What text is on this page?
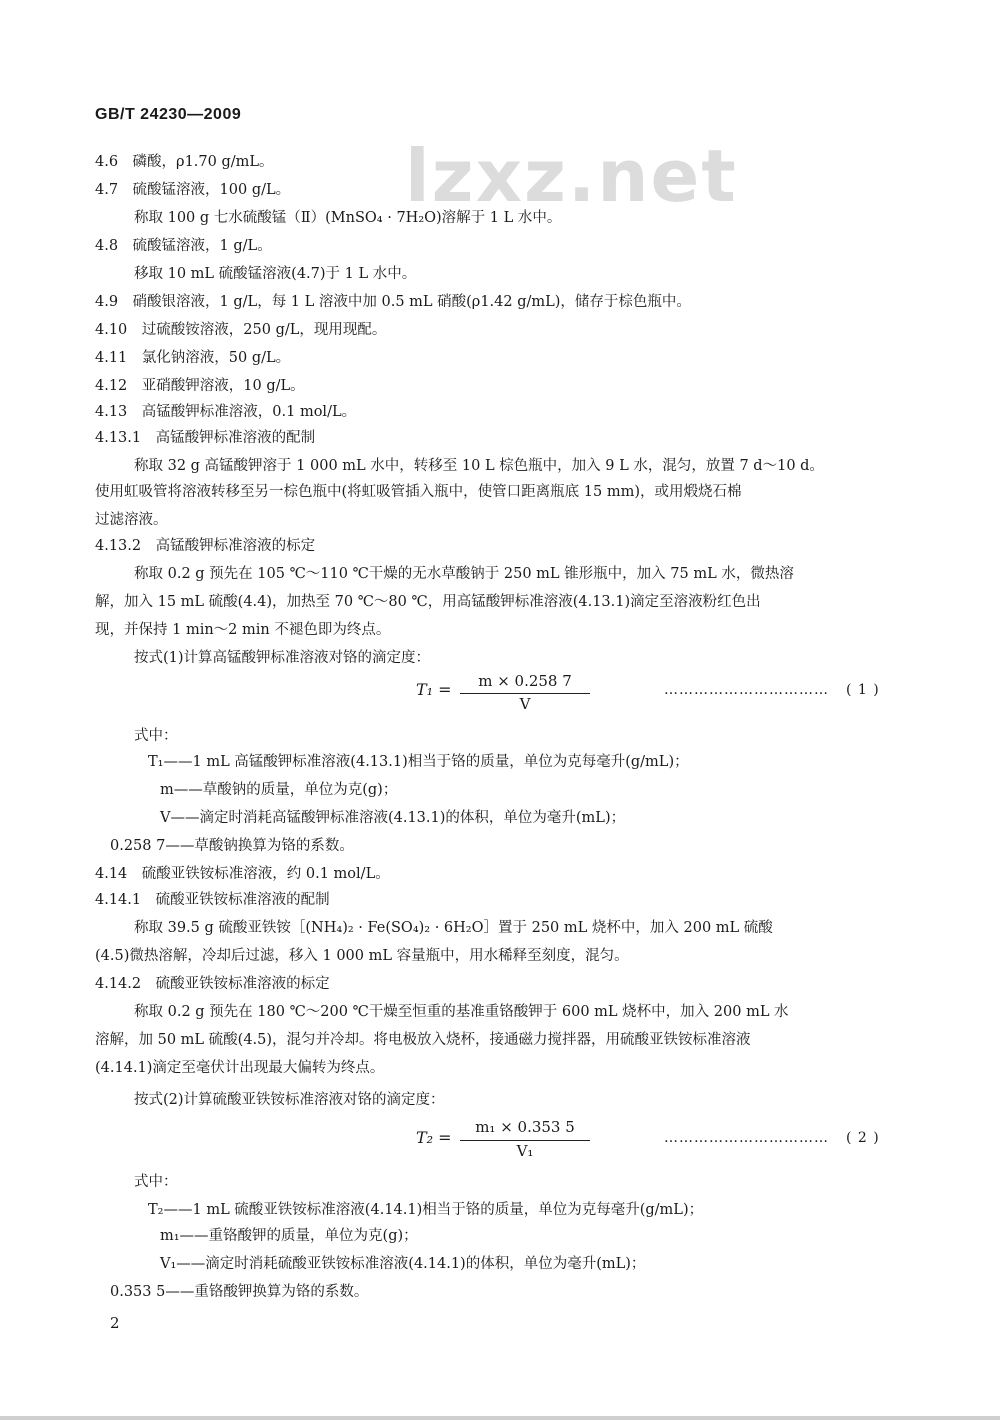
GB/T 24230—2009
lzxz.net
4.6　磷酸，ρ1.70 g/mL。
4.7　硫酸锰溶液，100 g/L。
称取 100 g 七水硫酸锰（Ⅱ）(MnSO₄ · 7H₂O)溶解于 1 L 水中。
4.8　硫酸锰溶液，1 g/L。
移取 10 mL 硫酸锰溶液(4.7)于 1 L 水中。
4.9　硝酸银溶液，1 g/L，每 1 L 溶液中加 0.5 mL 硝酸(ρ1.42 g/mL)，储存于棕色瓶中。
4.10　过硫酸铵溶液，250 g/L，现用现配。
4.11　氯化钠溶液，50 g/L。
4.12　亚硝酸钾溶液，10 g/L。
4.13　高锰酸钾标准溶液，0.1 mol/L。
4.13.1　高锰酸钾标准溶液的配制
称取 32 g 高锰酸钾溶于 1 000 mL 水中，转移至 10 L 棕色瓶中，加入 9 L 水，混匀，放置 7 d～10 d。
使用虹吸管将溶液转移至另一棕色瓶中(将虹吸管插入瓶中，使管口距离瓶底 15 mm)，或用煅烧石棉
过滤溶液。
4.13.2　高锰酸钾标准溶液的标定
称取 0.2 g 预先在 105 ℃～110 ℃干燥的无水草酸钠于 250 mL 锥形瓶中，加入 75 mL 水，微热溶
解，加入 15 mL 硫酸(4.4)，加热至 70 ℃～80 ℃，用高锰酸钾标准溶液(4.13.1)滴定至溶液粉红色出
现，并保持 1 min～2 min 不褪色即为终点。
按式(1)计算高锰酸钾标准溶液对铬的滴定度：
T₁ =	m × 0.258 7
V
…………………………… ( 1 )
式中：
T₁——1 mL 高锰酸钾标准溶液(4.13.1)相当于铬的质量，单位为克每毫升(g/mL)；
m——草酸钠的质量，单位为克(g)；
V——滴定时消耗高锰酸钾标准溶液(4.13.1)的体积，单位为毫升(mL)；
0.258 7——草酸钠换算为铬的系数。
4.14　硫酸亚铁铵标准溶液，约 0.1 mol/L。
4.14.1　硫酸亚铁铵标准溶液的配制
称取 39.5 g 硫酸亚铁铵［(NH₄)₂ · Fe(SO₄)₂ · 6H₂O］置于 250 mL 烧杯中，加入 200 mL 硫酸
(4.5)微热溶解，冷却后过滤，移入 1 000 mL 容量瓶中，用水稀释至刻度，混匀。
4.14.2　硫酸亚铁铵标准溶液的标定
称取 0.2 g 预先在 180 ℃～200 ℃干燥至恒重的基准重铬酸钾于 600 mL 烧杯中，加入 200 mL 水
溶解，加 50 mL 硫酸(4.5)，混匀并冷却。将电极放入烧杯，接通磁力搅拌器，用硫酸亚铁铵标准溶液
(4.14.1)滴定至毫伏计出现最大偏转为终点。
按式(2)计算硫酸亚铁铵标准溶液对铬的滴定度：
T₂ =
m₁ × 0.353 5
V₁
…………………………… ( 2 )
式中：
T₂——1 mL 硫酸亚铁铵标准溶液(4.14.1)相当于铬的质量，单位为克每毫升(g/mL)；
m₁——重铬酸钾的质量，单位为克(g)；
V₁——滴定时消耗硫酸亚铁铵标准溶液(4.14.1)的体积，单位为毫升(mL)；
0.353 5——重铬酸钾换算为铬的系数。
2
